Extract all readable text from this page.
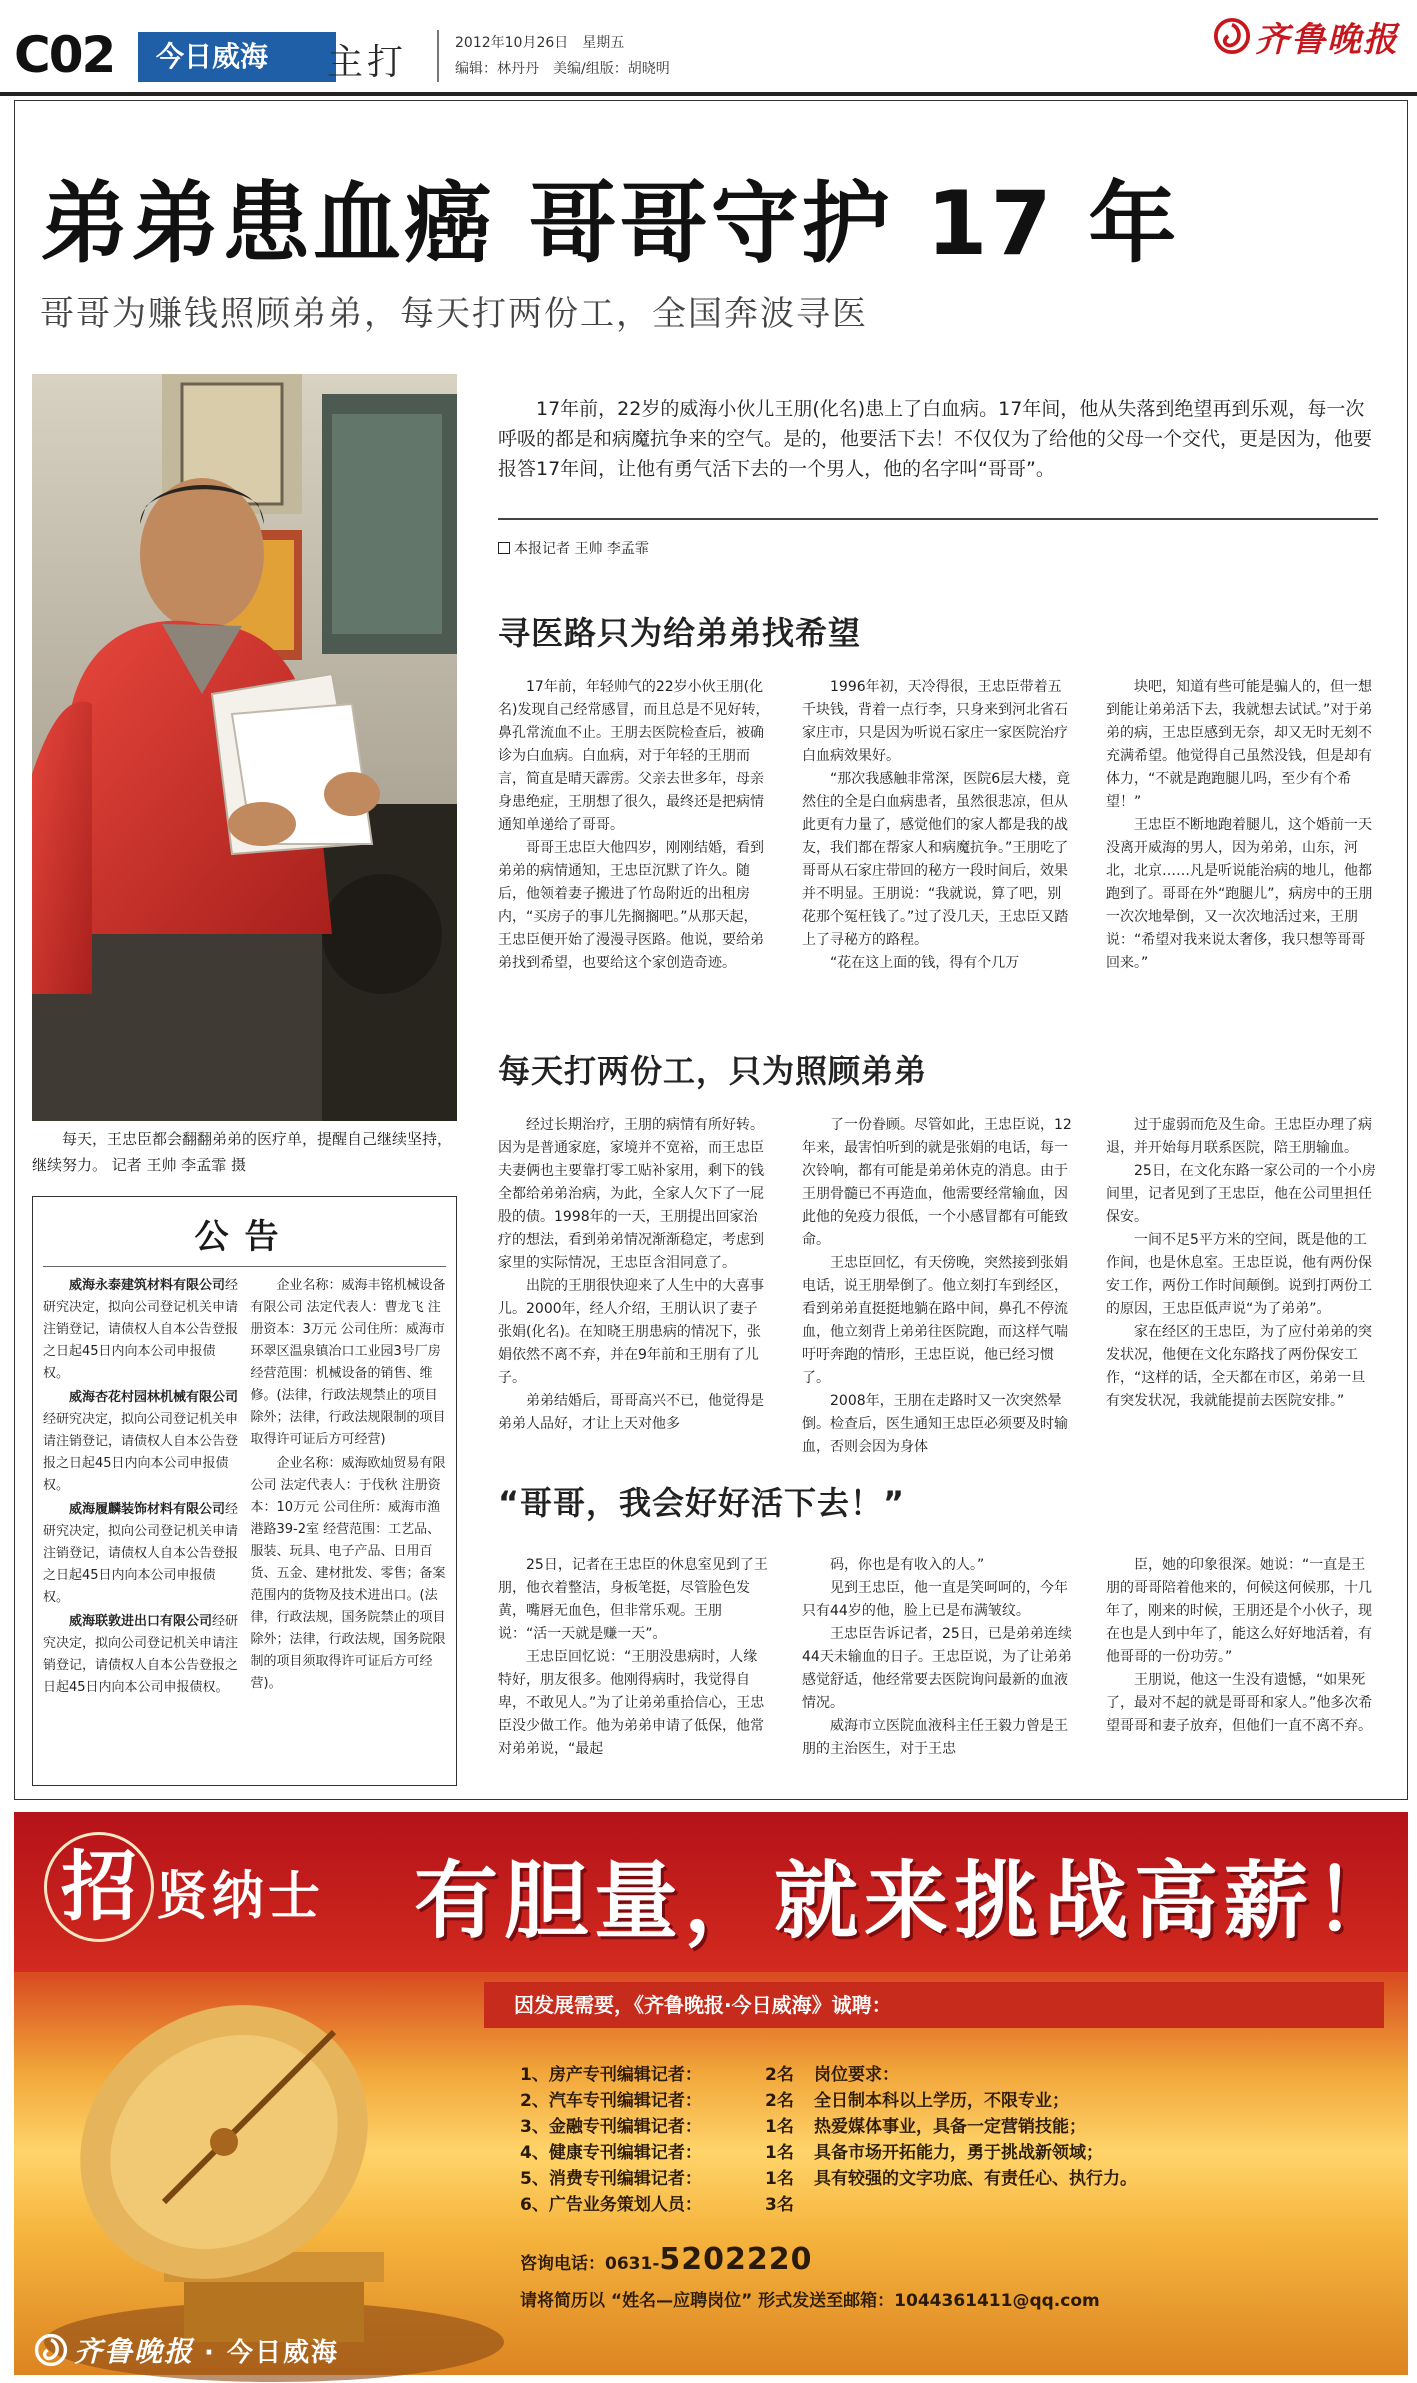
C02	今日威海	主打	2012年10月26日 星期五
编辑：林丹丹 美编/组版：胡晓明
齐鲁晚报
弟弟患血癌 哥哥守护 17 年
哥哥为赚钱照顾弟弟，每天打两份工，全国奔波寻医

每天，王忠臣都会翻翻弟弟的医疗单，提醒自己继续坚持，继续努力。 记者 王帅 李孟霏 摄

公告

威海永泰建筑材料有限公司经研究决定，拟向公司登记机关申请注销登记，请债权人自本公告登报之日起45日内向本公司申报债权。

威海杏花村园林机械有限公司经研究决定，拟向公司登记机关申请注销登记，请债权人自本公告登报之日起45日内向本公司申报债权。

威海履麟装饰材料有限公司经研究决定，拟向公司登记机关申请注销登记，请债权人自本公告登报之日起45日内向本公司申报债权。

威海联敦进出口有限公司经研究决定，拟向公司登记机关申请注销登记，请债权人自本公告登报之日起45日内向本公司申报债权。

企业名称：威海丰铭机械设备有限公司 法定代表人：曹龙飞 注册资本：3万元 公司住所：威海市环翠区温泉镇冶口工业园3号厂房 经营范围：机械设备的销售、维修。(法律，行政法规禁止的项目除外；法律，行政法规限制的项目取得许可证后方可经营)

企业名称：威海欧灿贸易有限公司 法定代表人：于伐秋 注册资本：10万元 公司住所：威海市渔港路39-2室 经营范围：工艺品、服装、玩具、电子产品、日用百货、五金、建材批发、零售；备案范围内的货物及技术进出口。(法律，行政法规，国务院禁止的项目除外；法律，行政法规，国务院限制的项目须取得许可证后方可经营)。

17年前，22岁的威海小伙儿王朋(化名)患上了白血病。17年间，他从失落到绝望再到乐观，每一次呼吸的都是和病魔抗争来的空气。是的，他要活下去！不仅仅为了给他的父母一个交代，更是因为，他要报答17年间，让他有勇气活下去的一个男人，他的名字叫“哥哥”。

本报记者 王帅 李孟霏
寻医路只为给弟弟找希望

17年前，年轻帅气的22岁小伙王朋(化名)发现自己经常感冒，而且总是不见好转，鼻孔常流血不止。王朋去医院检查后，被确诊为白血病。白血病，对于年轻的王朋而言，简直是晴天霹雳。父亲去世多年，母亲身患绝症，王朋想了很久，最终还是把病情通知单递给了哥哥。

哥哥王忠臣大他四岁，刚刚结婚，看到弟弟的病情通知，王忠臣沉默了许久。随后，他领着妻子搬进了竹岛附近的出租房内，“买房子的事儿先搁搁吧。”从那天起，王忠臣便开始了漫漫寻医路。他说，要给弟弟找到希望，也要给这个家创造奇迹。

1996年初，天冷得很，王忠臣带着五千块钱，背着一点行李，只身来到河北省石家庄市，只是因为听说石家庄一家医院治疗白血病效果好。

“那次我感触非常深，医院6层大楼，竟然住的全是白血病患者，虽然很悲凉，但从此更有力量了，感觉他们的家人都是我的战友，我们都在帮家人和病魔抗争。”王朋吃了哥哥从石家庄带回的秘方一段时间后，效果并不明显。王朋说：“我就说，算了吧，别花那个冤枉钱了。”过了没几天，王忠臣又踏上了寻秘方的路程。

“花在这上面的钱，得有个几万

块吧，知道有些可能是骗人的，但一想到能让弟弟活下去，我就想去试试。”对于弟弟的病，王忠臣感到无奈，却又无时无刻不充满希望。他觉得自己虽然没钱，但是却有体力，“不就是跑跑腿儿吗，至少有个希望！”

王忠臣不断地跑着腿儿，这个婚前一天没离开威海的男人，因为弟弟，山东，河北，北京……凡是听说能治病的地儿，他都跑到了。哥哥在外“跑腿儿”，病房中的王朋一次次地晕倒，又一次次地活过来，王朋说：“希望对我来说太奢侈，我只想等哥哥回来。”

每天打两份工，只为照顾弟弟

经过长期治疗，王朋的病情有所好转。因为是普通家庭，家境并不宽裕，而王忠臣夫妻俩也主要靠打零工贴补家用，剩下的钱全都给弟弟治病，为此，全家人欠下了一屁股的债。1998年的一天，王朋提出回家治疗的想法，看到弟弟情况渐渐稳定，考虑到家里的实际情况，王忠臣含泪同意了。

出院的王朋很快迎来了人生中的大喜事儿。2000年，经人介绍，王朋认识了妻子张娟(化名)。在知晓王朋患病的情况下，张娟依然不离不弃，并在9年前和王朋有了儿子。

弟弟结婚后，哥哥高兴不已，他觉得是弟弟人品好，才让上天对他多

了一份眷顾。尽管如此，王忠臣说，12年来，最害怕听到的就是张娟的电话，每一次铃响，都有可能是弟弟休克的消息。由于王朋骨髓已不再造血，他需要经常输血，因此他的免疫力很低，一个小感冒都有可能致命。

王忠臣回忆，有天傍晚，突然接到张娟电话，说王朋晕倒了。他立刻打车到经区，看到弟弟直挺挺地躺在路中间，鼻孔不停流血，他立刻背上弟弟往医院跑，而这样气喘吁吁奔跑的情形，王忠臣说，他已经习惯了。

2008年，王朋在走路时又一次突然晕倒。检查后，医生通知王忠臣必须要及时输血，否则会因为身体

过于虚弱而危及生命。王忠臣办理了病退，并开始每月联系医院，陪王朋输血。

25日，在文化东路一家公司的一个小房间里，记者见到了王忠臣，他在公司里担任保安。

一间不足5平方米的空间，既是他的工作间，也是休息室。王忠臣说，他有两份保安工作，两份工作时间颠倒。说到打两份工的原因，王忠臣低声说“为了弟弟”。

家在经区的王忠臣，为了应付弟弟的突发状况，他便在文化东路找了两份保安工作，“这样的话，全天都在市区，弟弟一旦有突发状况，我就能提前去医院安排。”

“哥哥，我会好好活下去！”

25日，记者在王忠臣的休息室见到了王朋，他衣着整洁，身板笔挺，尽管脸色发黄，嘴唇无血色，但非常乐观。王朋说：“活一天就是赚一天”。

王忠臣回忆说：“王朋没患病时，人缘特好，朋友很多。他刚得病时，我觉得自卑，不敢见人。”为了让弟弟重拾信心，王忠臣没少做工作。他为弟弟申请了低保，他常对弟弟说，“最起

码，你也是有收入的人。”

见到王忠臣，他一直是笑呵呵的，今年只有44岁的他，脸上已是布满皱纹。

王忠臣告诉记者，25日，已是弟弟连续44天未输血的日子。王忠臣说，为了让弟弟感觉舒适，他经常要去医院询问最新的血液情况。

威海市立医院血液科主任王毅力曾是王朋的主治医生，对于王忠

臣，她的印象很深。她说：“一直是王朋的哥哥陪着他来的，何候这何候那，十几年了，刚来的时候，王朋还是个小伙子，现在也是人到中年了，能这么好好地活着，有他哥哥的一份功劳。”

王朋说，他这一生没有遗憾，“如果死了，最对不起的就是哥哥和家人。”他多次希望哥哥和妻子放弃，但他们一直不离不弃。

招 贤纳士 有胆量，就来挑战高薪！
因发展需要，《齐鲁晚报·今日威海》诚聘：
1、房产专刊编辑记者：	2名
2、汽车专刊编辑记者：	2名
3、金融专刊编辑记者：	1名
4、健康专刊编辑记者：	1名
5、消费专刊编辑记者：	1名
6、广告业务策划人员：	3名
岗位要求：
全日制本科以上学历，不限专业；
热爱媒体事业，具备一定营销技能；
具备市场开拓能力，勇于挑战新领域；
具有较强的文字功底、有责任心、执行力。
咨询电话：0631-5202220
请将简历以 “姓名—应聘岗位” 形式发送至邮箱：1044361411@qq.com
齐鲁晚报 · 今日威海
